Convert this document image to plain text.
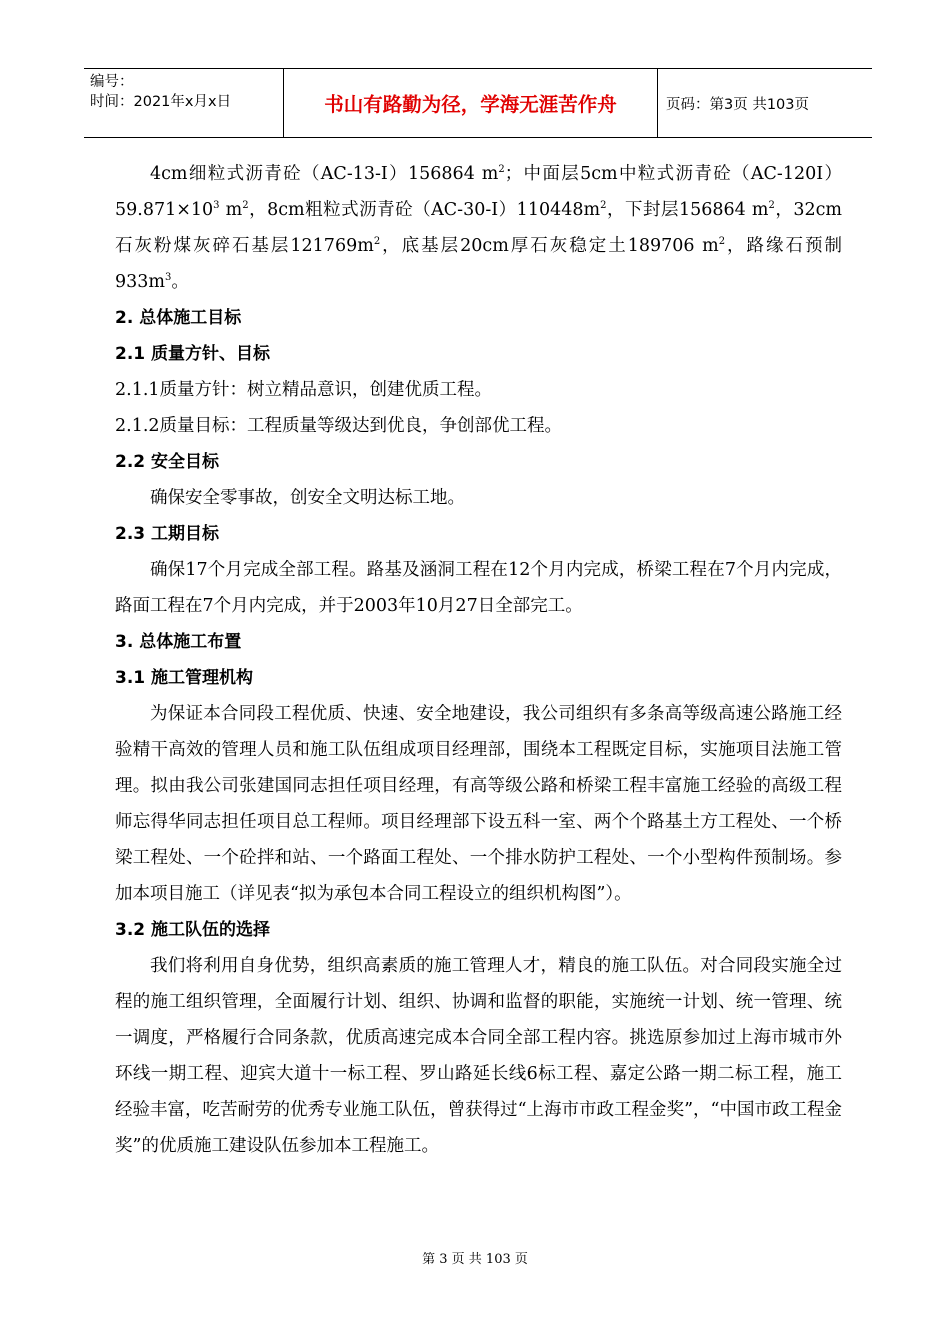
编号：
时间：2021年x月x日	书山有路勤为径，学海无涯苦作舟	页码：第3页 共103页

4cm细粒式沥青砼（AC-13-I）156864 $m^2$；中面层5cm中粒式沥青砼$(AC-120I)59.871\times 10^3$ $m^2$，8cm粗粒式沥青砼$(AC-30-I)110448m^2$，下封层156864 $m^2$，32cm石灰粉煤灰碎石基层$121769m^2$，底基层20cm厚石灰稳定土189706 $m^2$，路缘石预制$933m^3$。

2. 总体施工目标

2.1 质量方针、目标

2.1.1质量方针：树立精品意识，创建优质工程。

2.1.2质量目标：工程质量等级达到优良，争创部优工程。

2.2 安全目标

确保安全零事故，创安全文明达标工地。

2.3 工期目标

确保17个月完成全部工程。路基及涵洞工程在12个月内完成，桥梁工程在7个月内完成，路面工程在7个月内完成，并于2003年10月27日全部完工。

3. 总体施工布置

3.1 施工管理机构

为保证本合同段工程优质、快速、安全地建设，我公司组织有多条高等级高速公路施工经验精干高效的管理人员和施工队伍组成项目经理部，围绕本工程既定目标，实施项目法施工管理。拟由我公司张建国同志担任项目经理，有高等级公路和桥梁工程丰富施工经验的高级工程师忘得华同志担任项目总工程师。项目经理部下设五科一室、两个个路基土方工程处、一个桥梁工程处、一个砼拌和站、一个路面工程处、一个排水防护工程处、一个小型构件预制场。参加本项目施工（详见表“拟为承包本合同工程设立的组织机构图”）。

3.2 施工队伍的选择

我们将利用自身优势，组织高素质的施工管理人才，精良的施工队伍。对合同段实施全过程的施工组织管理，全面履行计划、组织、协调和监督的职能，实施统一计划、统一管理、统一调度，严格履行合同条款，优质高速完成本合同全部工程内容。挑选原参加过上海市城市外环线一期工程、迎宾大道十一标工程、罗山路延长线6标工程、嘉定公路一期二标工程，施工经验丰富，吃苦耐劳的优秀专业施工队伍，曾获得过“上海市市政工程金奖”，“中国市政工程金奖”的优质施工建设队伍参加本工程施工。

第 3 页 共 103 页
